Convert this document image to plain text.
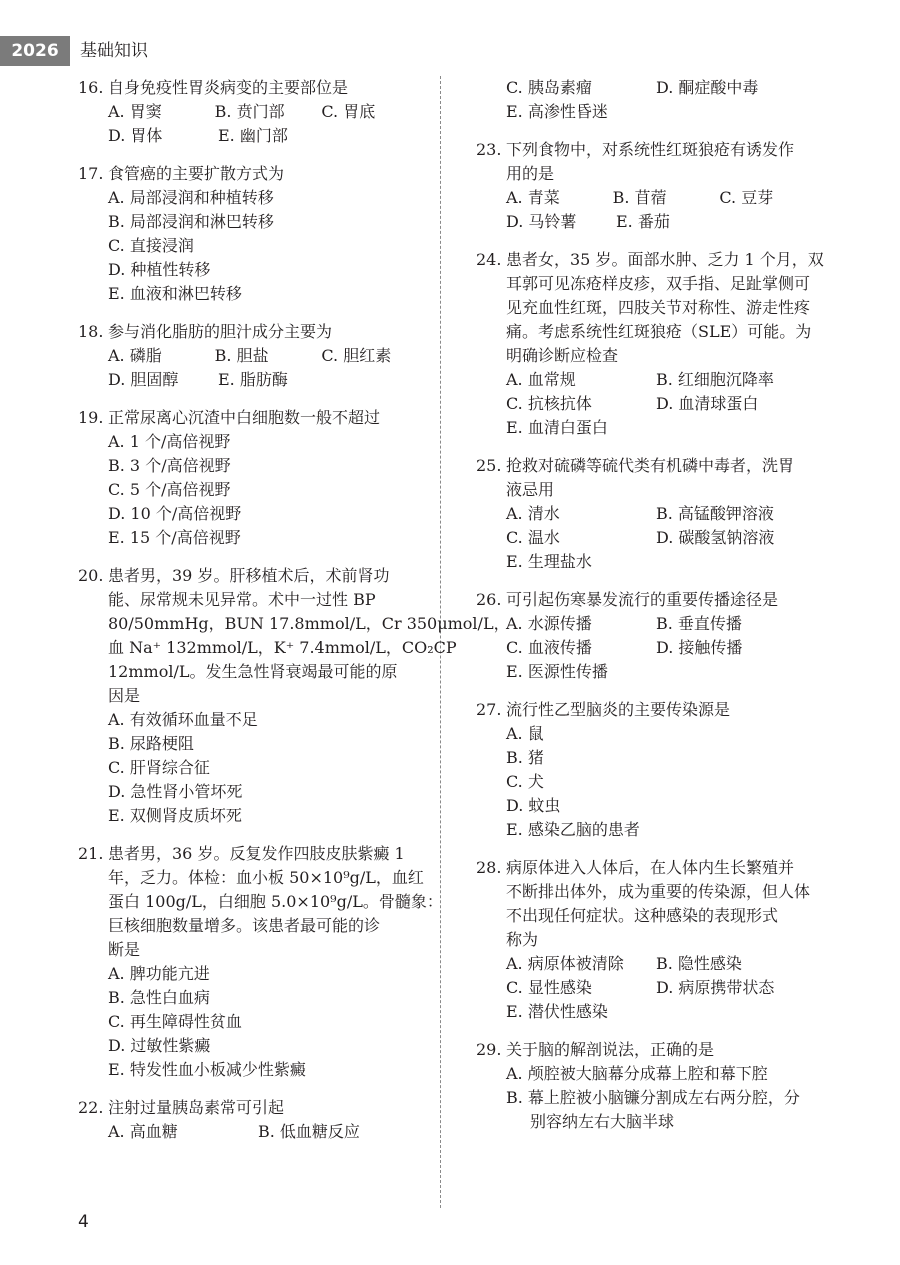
2026	基础知识
16. 自身免疫性胃炎病变的主要部位是
A. 胃窦	B. 贲门部	C. 胃底
D. 胃体	E. 幽门部
17. 食管癌的主要扩散方式为
A. 局部浸润和种植转移
B. 局部浸润和淋巴转移
C. 直接浸润
D. 种植性转移
E. 血液和淋巴转移
18. 参与消化脂肪的胆汁成分主要为
A. 磷脂	B. 胆盐	C. 胆红素
D. 胆固醇	E. 脂肪酶
19. 正常尿离心沉渣中白细胞数一般不超过
A. 1 个/高倍视野
B. 3 个/高倍视野
C. 5 个/高倍视野
D. 10 个/高倍视野
E. 15 个/高倍视野
20. 患者男，39 岁。肝移植术后，术前肾功
能、尿常规未见异常。术中一过性 BP
80/50mmHg，BUN 17.8mmol/L，Cr 350μmol/L，
血 Na⁺ 132mmol/L，K⁺ 7.4mmol/L，CO₂CP
12mmol/L。发生急性肾衰竭最可能的原
因是
A. 有效循环血量不足
B. 尿路梗阻
C. 肝肾综合征
D. 急性肾小管坏死
E. 双侧肾皮质坏死
21. 患者男，36 岁。反复发作四肢皮肤紫癜 1
年，乏力。体检：血小板 50×10⁹g/L，血红
蛋白 100g/L，白细胞 5.0×10⁹g/L。骨髓象：
巨核细胞数量增多。该患者最可能的诊
断是
A. 脾功能亢进
B. 急性白血病
C. 再生障碍性贫血
D. 过敏性紫癜
E. 特发性血小板减少性紫癜
22. 注射过量胰岛素常可引起
A. 高血糖	B. 低血糖反应
C. 胰岛素瘤	D. 酮症酸中毒
E. 高渗性昏迷
23. 下列食物中，对系统性红斑狼疮有诱发作
用的是
A. 青菜	B. 苜蓿	C. 豆芽
D. 马铃薯	E. 番茄
24. 患者女，35 岁。面部水肿、乏力 1 个月，双
耳郭可见冻疮样皮疹，双手指、足趾掌侧可
见充血性红斑，四肢关节对称性、游走性疼
痛。考虑系统性红斑狼疮（SLE）可能。为
明确诊断应检查
A. 血常规	B. 红细胞沉降率
C. 抗核抗体	D. 血清球蛋白
E. 血清白蛋白
25. 抢救对硫磷等硫代类有机磷中毒者，洗胃
液忌用
A. 清水	B. 高锰酸钾溶液
C. 温水	D. 碳酸氢钠溶液
E. 生理盐水
26. 可引起伤寒暴发流行的重要传播途径是
A. 水源传播	B. 垂直传播
C. 血液传播	D. 接触传播
E. 医源性传播
27. 流行性乙型脑炎的主要传染源是
A. 鼠
B. 猪
C. 犬
D. 蚊虫
E. 感染乙脑的患者
28. 病原体进入人体后，在人体内生长繁殖并
不断排出体外，成为重要的传染源，但人体
不出现任何症状。这种感染的表现形式
称为
A. 病原体被清除	B. 隐性感染
C. 显性感染	D. 病原携带状态
E. 潜伏性感染
29. 关于脑的解剖说法，正确的是
A. 颅腔被大脑幕分成幕上腔和幕下腔
B. 幕上腔被小脑镰分割成左右两分腔，分
别容纳左右大脑半球
4
